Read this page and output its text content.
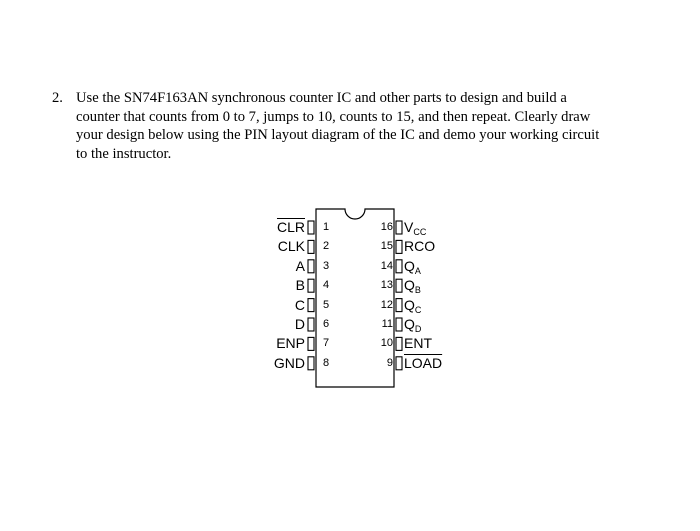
2. Use the SN74F163AN synchronous counter IC and other parts to design and build a
counter that counts from 0 to 7, jumps to 10, counts to 15, and then repeat. Clearly draw
your design below using the PIN layout diagram of the IC and demo your working circuit
to the instructor.
$\overline{CLR}$ 1
CLK 2
A 3
B 4
C 5
D 6
ENP 7
GND 8
$V_{CC}$
16
RCO
15
$Q_A$
14
$Q_B$
13
$Q_C$
12
$Q_D$
11
ENT
10
LOAD
9
